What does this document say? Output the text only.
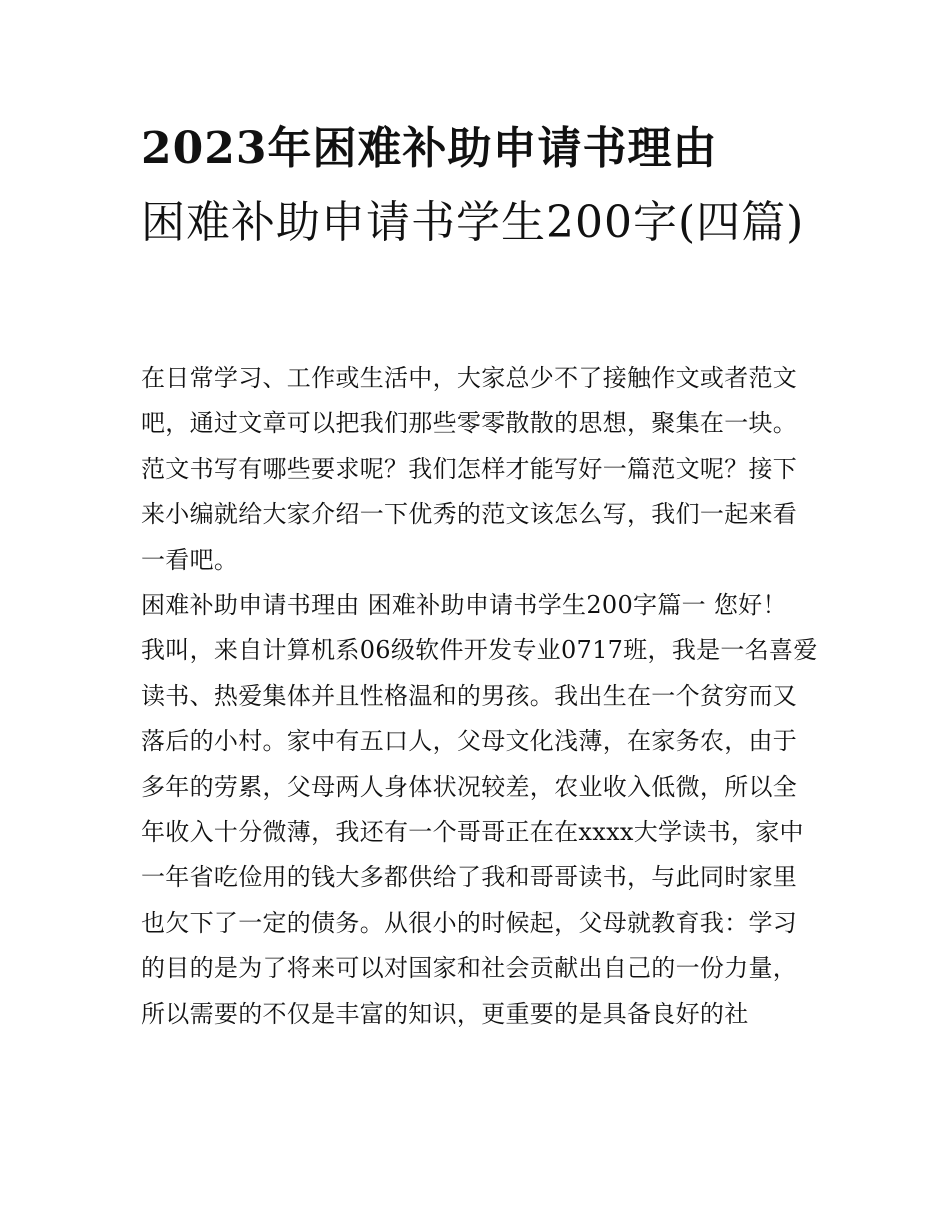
2023年困难补助申请书理由
困难补助申请书学生200字(四篇)

在日常学习、工作或生活中，大家总少不了接触作文或者范文吧，通过文章可以把我们那些零零散散的思想，聚集在一块。范文书写有哪些要求呢？我们怎样才能写好一篇范文呢？接下来小编就给大家介绍一下优秀的范文该怎么写，我们一起来看一看吧。

困难补助申请书理由 困难补助申请书学生200字篇一 您好！

我叫，来自计算机系06级软件开发专业0717班，我是一名喜爱读书、热爱集体并且性格温和的男孩。我出生在一个贫穷而又落后的小村。家中有五口人，父母文化浅薄，在家务农，由于多年的劳累，父母两人身体状况较差，农业收入低微，所以全年收入十分微薄，我还有一个哥哥正在在xxxx大学读书，家中一年省吃俭用的钱大多都供给了我和哥哥读书，与此同时家里也欠下了一定的债务。从很小的时候起，父母就教育我：学习的目的是为了将来可以对国家和社会贡献出自己的一份力量，所以需要的不仅是丰富的知识，更重要的是具备良好的社
